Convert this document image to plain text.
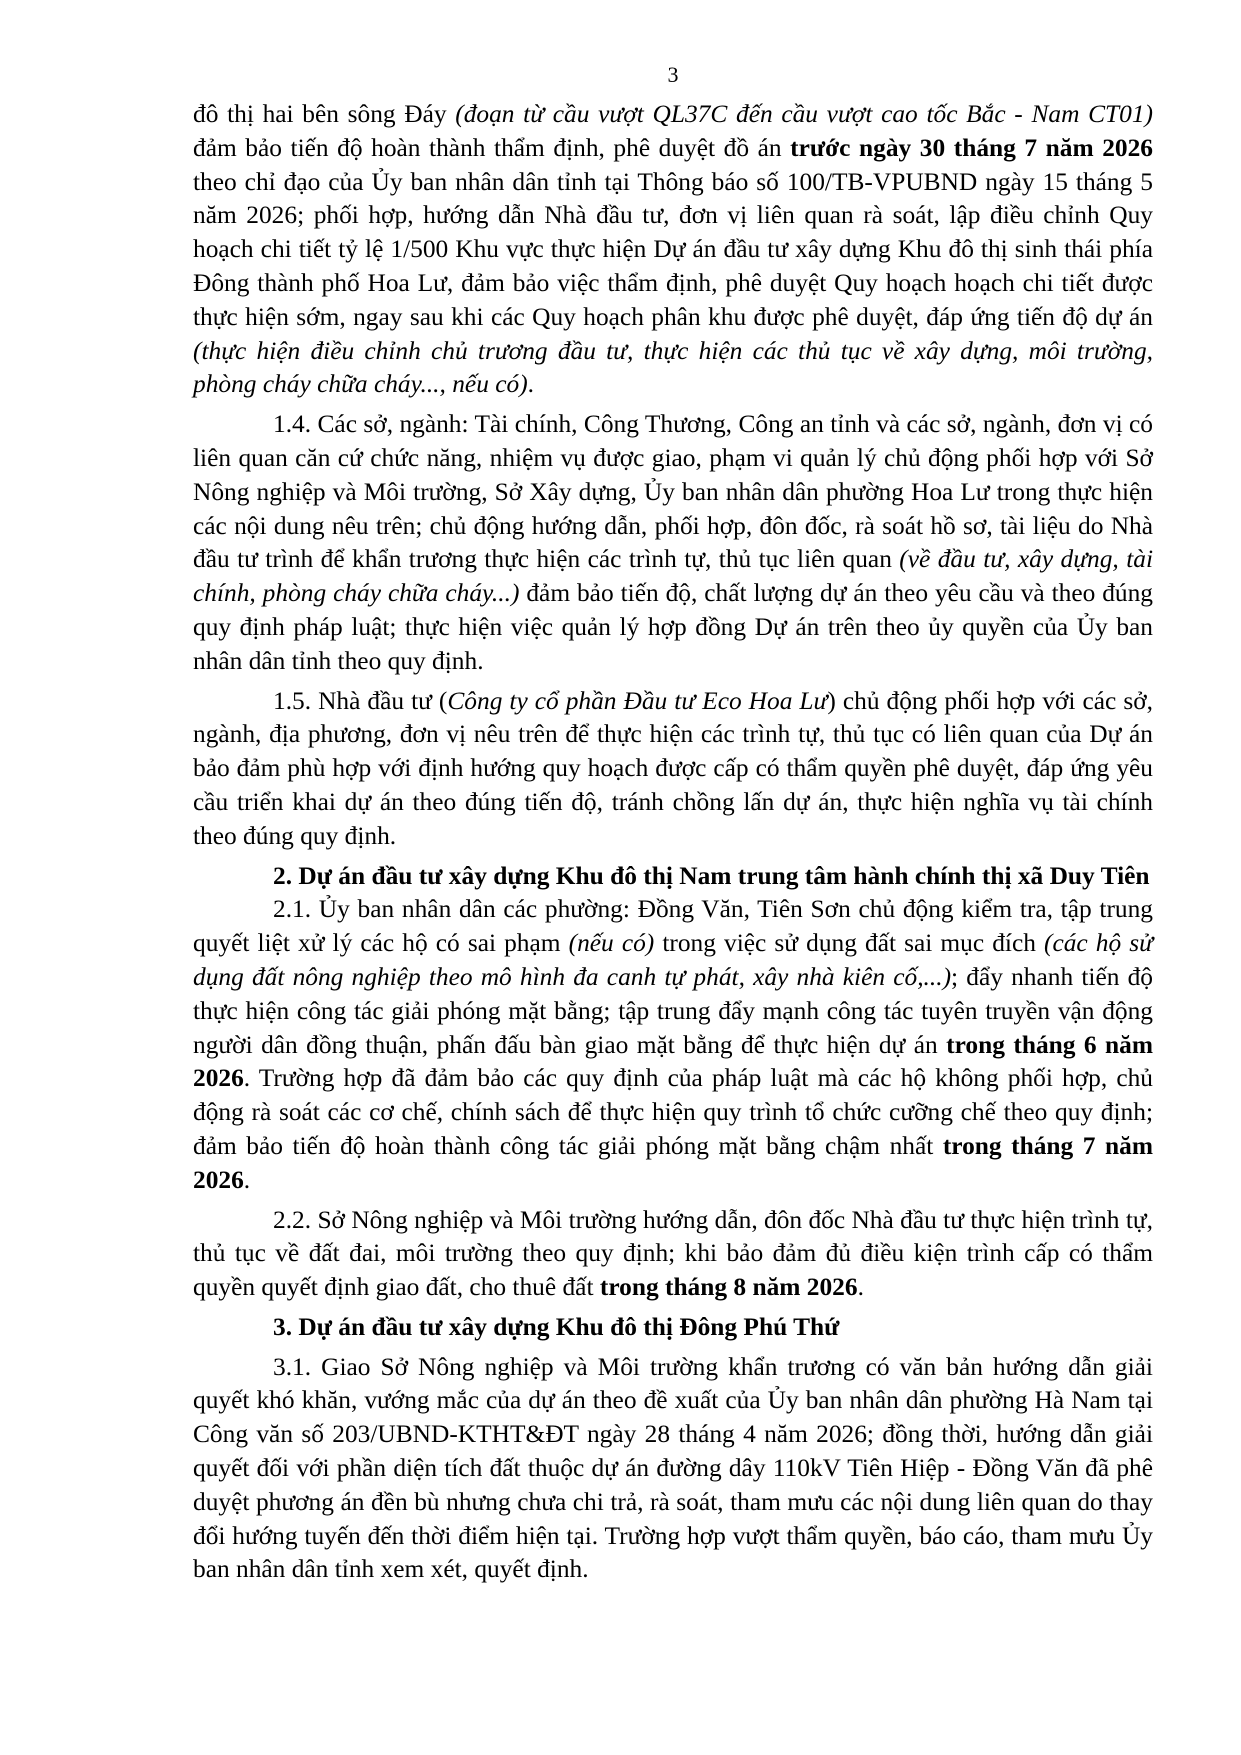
3

đô thị hai bên sông Đáy (đoạn từ cầu vượt QL37C đến cầu vượt cao tốc Bắc - Nam CT01) đảm bảo tiến độ hoàn thành thẩm định, phê duyệt đồ án trước ngày 30 tháng 7 năm 2026 theo chỉ đạo của Ủy ban nhân dân tỉnh tại Thông báo số 100/TB-VPUBND ngày 15 tháng 5 năm 2026; phối hợp, hướng dẫn Nhà đầu tư, đơn vị liên quan rà soát, lập điều chỉnh Quy hoạch chi tiết tỷ lệ 1/500 Khu vực thực hiện Dự án đầu tư xây dựng Khu đô thị sinh thái phía Đông thành phố Hoa Lư, đảm bảo việc thẩm định, phê duyệt Quy hoạch hoạch chi tiết được thực hiện sớm, ngay sau khi các Quy hoạch phân khu được phê duyệt, đáp ứng tiến độ dự án (thực hiện điều chỉnh chủ trương đầu tư, thực hiện các thủ tục về xây dựng, môi trường, phòng cháy chữa cháy..., nếu có).

1.4. Các sở, ngành: Tài chính, Công Thương, Công an tỉnh và các sở, ngành, đơn vị có liên quan căn cứ chức năng, nhiệm vụ được giao, phạm vi quản lý chủ động phối hợp với Sở Nông nghiệp và Môi trường, Sở Xây dựng, Ủy ban nhân dân phường Hoa Lư trong thực hiện các nội dung nêu trên; chủ động hướng dẫn, phối hợp, đôn đốc, rà soát hồ sơ, tài liệu do Nhà đầu tư trình để khẩn trương thực hiện các trình tự, thủ tục liên quan (về đầu tư, xây dựng, tài chính, phòng cháy chữa cháy...) đảm bảo tiến độ, chất lượng dự án theo yêu cầu và theo đúng quy định pháp luật; thực hiện việc quản lý hợp đồng Dự án trên theo ủy quyền của Ủy ban nhân dân tỉnh theo quy định.

1.5. Nhà đầu tư (Công ty cổ phần Đầu tư Eco Hoa Lư) chủ động phối hợp với các sở, ngành, địa phương, đơn vị nêu trên để thực hiện các trình tự, thủ tục có liên quan của Dự án bảo đảm phù hợp với định hướng quy hoạch được cấp có thẩm quyền phê duyệt, đáp ứng yêu cầu triển khai dự án theo đúng tiến độ, tránh chồng lấn dự án, thực hiện nghĩa vụ tài chính theo đúng quy định.

2. Dự án đầu tư xây dựng Khu đô thị Nam trung tâm hành chính thị xã Duy Tiên

2.1. Ủy ban nhân dân các phường: Đồng Văn, Tiên Sơn chủ động kiểm tra, tập trung quyết liệt xử lý các hộ có sai phạm (nếu có) trong việc sử dụng đất sai mục đích (các hộ sử dụng đất nông nghiệp theo mô hình đa canh tự phát, xây nhà kiên cố,...); đẩy nhanh tiến độ thực hiện công tác giải phóng mặt bằng; tập trung đẩy mạnh công tác tuyên truyền vận động người dân đồng thuận, phấn đấu bàn giao mặt bằng để thực hiện dự án trong tháng 6 năm 2026. Trường hợp đã đảm bảo các quy định của pháp luật mà các hộ không phối hợp, chủ động rà soát các cơ chế, chính sách để thực hiện quy trình tổ chức cưỡng chế theo quy định; đảm bảo tiến độ hoàn thành công tác giải phóng mặt bằng chậm nhất trong tháng 7 năm 2026.

2.2. Sở Nông nghiệp và Môi trường hướng dẫn, đôn đốc Nhà đầu tư thực hiện trình tự, thủ tục về đất đai, môi trường theo quy định; khi bảo đảm đủ điều kiện trình cấp có thẩm quyền quyết định giao đất, cho thuê đất trong tháng 8 năm 2026.

3. Dự án đầu tư xây dựng Khu đô thị Đông Phú Thứ

3.1. Giao Sở Nông nghiệp và Môi trường khẩn trương có văn bản hướng dẫn giải quyết khó khăn, vướng mắc của dự án theo đề xuất của Ủy ban nhân dân phường Hà Nam tại Công văn số 203/UBND-KTHT&ĐT ngày 28 tháng 4 năm 2026; đồng thời, hướng dẫn giải quyết đối với phần diện tích đất thuộc dự án đường dây 110kV Tiên Hiệp - Đồng Văn đã phê duyệt phương án đền bù nhưng chưa chi trả, rà soát, tham mưu các nội dung liên quan do thay đổi hướng tuyến đến thời điểm hiện tại. Trường hợp vượt thẩm quyền, báo cáo, tham mưu Ủy ban nhân dân tỉnh xem xét, quyết định.
